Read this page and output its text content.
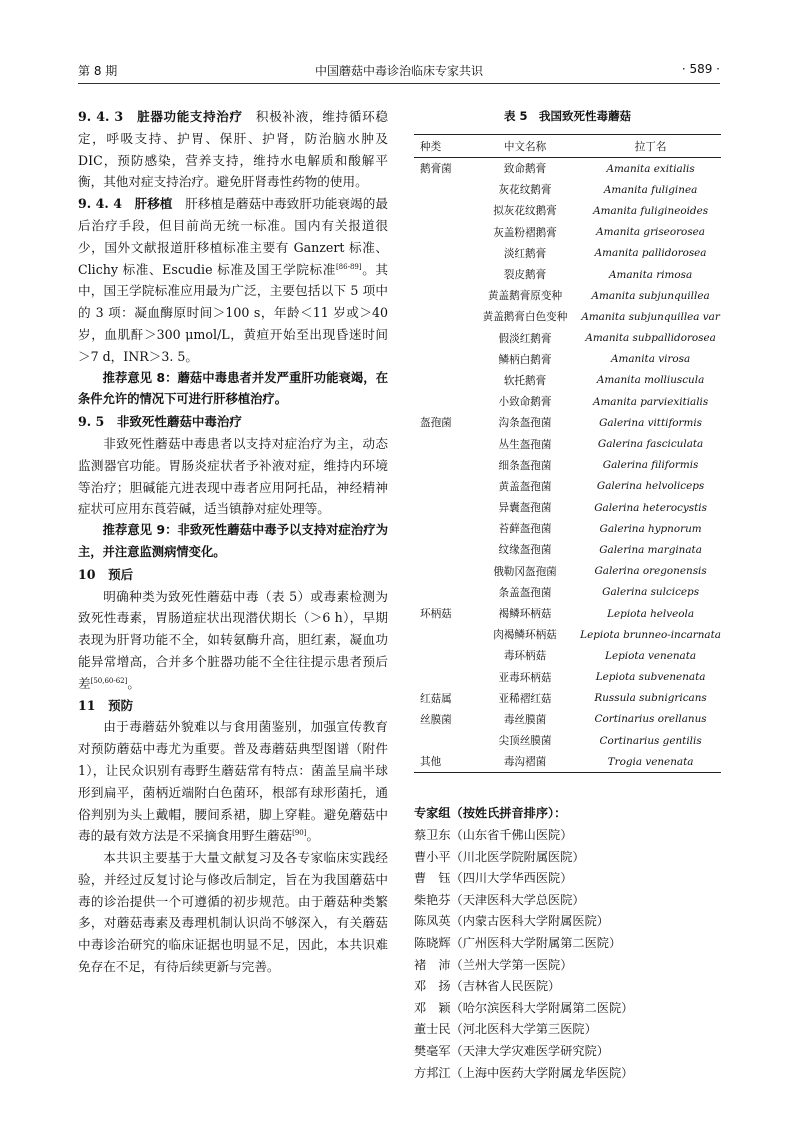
第 8 期	中国蘑菇中毒诊治临床专家共识	· 589 ·

9. 4. 3　 脏器功能支持治疗　 积极补液，维持循环稳定，呼吸支持、护胃、保肝、护肾，防治脑水肿及DIC，预防感染，营养支持，维持水电解质和酸解平衡，其他对症支持治疗。避免肝肾毒性药物的使用。

9. 4. 4　 肝移植　 肝移植是蘑菇中毒致肝功能衰竭的最后治疗手段，但目前尚无统一标准。国内有关报道很少，国外文献报道肝移植标准主要有 Ganzert 标准、Clichy 标准、Escudie 标准及国王学院标准[86-89]。其中，国王学院标准应用最为广泛，主要包括以下 5 项中的 3 项：凝血酶原时间＞100 s，年龄＜11 岁或＞40 岁，血肌酐＞300 μmol/L，黄疸开始至出现昏迷时间＞7 d，INR＞3. 5。

推荐意见 8：蘑菇中毒患者并发严重肝功能衰竭，在条件允许的情况下可进行肝移植治疗。

9. 5　 非致死性蘑菇中毒治疗

非致死性蘑菇中毒患者以支持对症治疗为主，动态监测器官功能。胃肠炎症状者予补液对症，维持内环境等治疗；胆碱能亢进表现中毒者应用阿托品，神经精神症状可应用东莨菪碱，适当镇静对症处理等。

推荐意见 9：非致死性蘑菇中毒予以支持对症治疗为主，并注意监测病情变化。

10　 预后

明确种类为致死性蘑菇中毒（表 5）或毒素检测为致死性毒素，胃肠道症状出现潜伏期长（＞6 h），早期表现为肝肾功能不全，如转氨酶升高，胆红素，凝血功能异常增高，合并多个脏器功能不全往往提示患者预后差[50,60-62]。

11　 预防

由于毒蘑菇外貌难以与食用菌鉴别，加强宣传教育对预防蘑菇中毒尤为重要。普及毒蘑菇典型图谱（附件 1），让民众识别有毒野生蘑菇常有特点：菌盖呈扁半球形到扁平，菌柄近端附白色菌环，根部有球形菌托，通俗判别为头上戴帽，腰间系裙，脚上穿鞋。避免蘑菇中毒的最有效方法是不采摘食用野生蘑菇[90]。

本共识主要基于大量文献复习及各专家临床实践经验，并经过反复讨论与修改后制定，旨在为我国蘑菇中毒的诊治提供一个可遵循的初步规范。由于蘑菇种类繁多，对蘑菇毒素及毒理机制认识尚不够深入，有关蘑菇中毒诊治研究的临床证据也明显不足，因此，本共识难免存在不足，有待后续更新与完善。

表 5　我国致死性毒蘑菇
种类	中文名称	拉丁名
鹅膏菌	致命鹅膏	Amanita exitialis
	灰花纹鹅膏	Amanita fuliginea
	拟灰花纹鹅膏	Amanita fuligineoides
	灰盖粉褶鹅膏	Amanita griseorosea
	淡红鹅膏	Amanita pallidorosea
	裂皮鹅膏	Amanita rimosa
	黄盖鹅膏原变种	Amanita subjunquillea
	黄盖鹅膏白色变种	Amanita subjunquillea var
	假淡红鹅膏	Amanita subpallidorosea
	鳞柄白鹅膏	Amanita virosa
	软托鹅膏	Amanita molliuscula
	小致命鹅膏	Amanita parviexitialis
盔孢菌	沟条盔孢菌	Galerina vittiformis
	丛生盔孢菌	Galerina fasciculata
	细条盔孢菌	Galerina filiformis
	黄盖盔孢菌	Galerina helvoliceps
	异囊盔孢菌	Galerina heterocystis
	苔藓盔孢菌	Galerina hypnorum
	纹缘盔孢菌	Galerina marginata
	俄勒冈盔孢菌	Galerina oregonensis
	条盖盔孢菌	Galerina sulciceps
环柄菇	褐鳞环柄菇	Lepiota helveola
	肉褐鳞环柄菇	Lepiota brunneo-incarnata
	毒环柄菇	Lepiota venenata
	亚毒环柄菇	Lepiota subvenenata
红菇属	亚稀褶红菇	Russula subnigricans
丝膜菌	毒丝膜菌	Cortinarius orellanus
	尖顶丝膜菌	Cortinarius gentilis
其他	毒沟褶菌	Trogia venenata
专家组（按姓氏拼音排序）：
蔡卫东（山东省千佛山医院）
曹小平（川北医学院附属医院）
曹　钰（四川大学华西医院）
柴艳芬（天津医科大学总医院）
陈凤英（内蒙古医科大学附属医院）
陈晓辉（广州医科大学附属第二医院）
褚　沛（兰州大学第一医院）
邓　扬（吉林省人民医院）
邓　颖（哈尔滨医科大学附属第二医院）
董士民（河北医科大学第三医院）
樊毫军（天津大学灾难医学研究院）
方邦江（上海中医药大学附属龙华医院）
